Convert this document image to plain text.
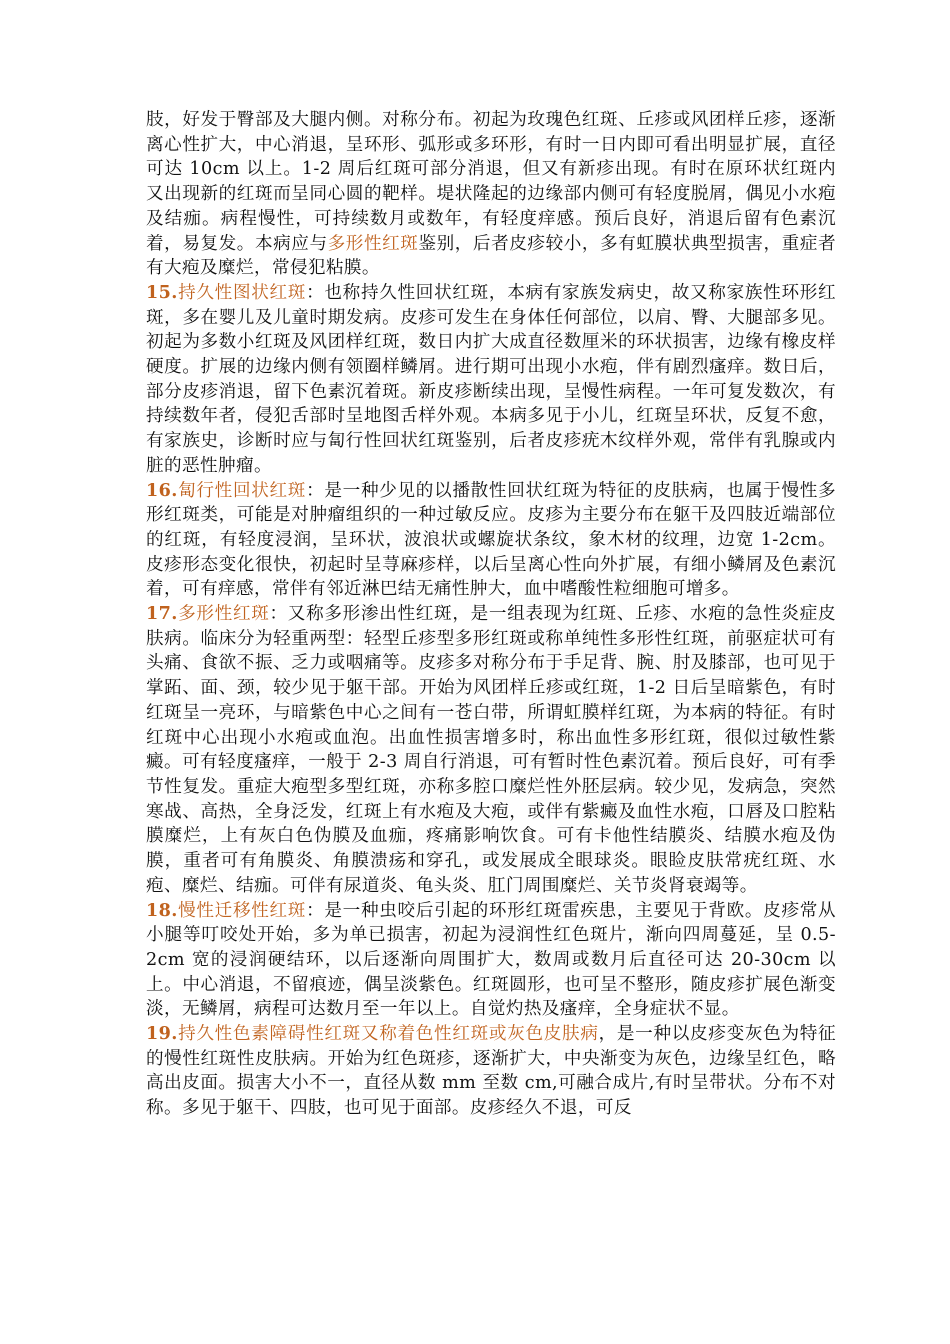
肢，好发于臀部及大腿内侧。对称分布。初起为玫瑰色红斑、丘疹或风团样丘疹，逐渐离心性扩大，中心消退，呈环形、弧形或多环形，有时一日内即可看出明显扩展，直径可达 10cm 以上。1-2 周后红斑可部分消退，但又有新疹出现。有时在原环状红斑内又出现新的红斑而呈同心圆的靶样。堤状隆起的边缘部内侧可有轻度脱屑，偶见小水疱及结痂。病程慢性，可持续数月或数年，有轻度痒感。预后良好，消退后留有色素沉着，易复发。本病应与多形性红斑鉴别，后者皮疹较小，多有虹膜状典型损害，重症者有大疱及糜烂，常侵犯粘膜。

15.持久性图状红斑：也称持久性回状红斑，本病有家族发病史，故又称家族性环形红斑，多在婴儿及儿童时期发病。皮疹可发生在身体任何部位，以肩、臀、大腿部多见。初起为多数小红斑及风团样红斑，数日内扩大成直径数厘米的环状损害，边缘有橡皮样硬度。扩展的边缘内侧有领圈样鳞屑。进行期可出现小水疱，伴有剧烈瘙痒。数日后，部分皮疹消退，留下色素沉着斑。新皮疹断续出现，呈慢性病程。一年可复发数次，有持续数年者，侵犯舌部时呈地图舌样外观。本病多见于小儿，红斑呈环状，反复不愈，有家族史，诊断时应与匐行性回状红斑鉴别，后者皮疹疣木纹样外观，常伴有乳腺或内脏的恶性肿瘤。

16.匐行性回状红斑：是一种少见的以播散性回状红斑为特征的皮肤病，也属于慢性多形红斑类，可能是对肿瘤组织的一种过敏反应。皮疹为主要分布在躯干及四肢近端部位的红斑，有轻度浸润，呈环状，波浪状或螺旋状条纹，象木材的纹理，边宽 1-2cm。皮疹形态变化很快，初起时呈荨麻疹样，以后呈离心性向外扩展，有细小鳞屑及色素沉着，可有痒感，常伴有邻近淋巴结无痛性肿大，血中嗜酸性粒细胞可增多。

17.多形性红斑：又称多形渗出性红斑，是一组表现为红斑、丘疹、水疱的急性炎症皮肤病。临床分为轻重两型：轻型丘疹型多形红斑或称单纯性多形性红斑，前驱症状可有头痛、食欲不振、乏力或咽痛等。皮疹多对称分布于手足背、腕、肘及膝部，也可见于掌跖、面、颈，较少见于躯干部。开始为风团样丘疹或红斑，1-2 日后呈暗紫色，有时红斑呈一亮环，与暗紫色中心之间有一苍白带，所谓虹膜样红斑，为本病的特征。有时红斑中心出现小水疱或血泡。出血性损害增多时，称出血性多形红斑，很似过敏性紫癜。可有轻度瘙痒，一般于 2-3 周自行消退，可有暂时性色素沉着。预后良好，可有季节性复发。重症大疱型多型红斑，亦称多腔口糜烂性外胚层病。较少见，发病急，突然寒战、高热，全身泛发，红斑上有水疱及大疱，或伴有紫癜及血性水疱，口唇及口腔粘膜糜烂，上有灰白色伪膜及血痂，疼痛影响饮食。可有卡他性结膜炎、结膜水疱及伪膜，重者可有角膜炎、角膜溃疡和穿孔，或发展成全眼球炎。眼睑皮肤常疣红斑、水疱、糜烂、结痂。可伴有尿道炎、龟头炎、肛门周围糜烂、关节炎肾衰竭等。

18.慢性迁移性红斑：是一种虫咬后引起的环形红斑雷疾患，主要见于背欧。皮疹常从小腿等叮咬处开始，多为单已损害，初起为浸润性红色斑片，渐向四周蔓延，呈 0.5-2cm 宽的浸润硬结环，以后逐渐向周围扩大，数周或数月后直径可达 20-30cm 以上。中心消退，不留痕迹，偶呈淡紫色。红斑圆形，也可呈不整形，随皮疹扩展色渐变淡，无鳞屑，病程可达数月至一年以上。自觉灼热及瘙痒，全身症状不显。

19.持久性色素障碍性红斑又称着色性红斑或灰色皮肤病，是一种以皮疹变灰色为特征的慢性红斑性皮肤病。开始为红色斑疹，逐渐扩大，中央渐变为灰色，边缘呈红色，略高出皮面。损害大小不一，直径从数 mm 至数 cm,可融合成片,有时呈带状。分布不对称。多见于躯干、四肢，也可见于面部。皮疹经久不退，可反
